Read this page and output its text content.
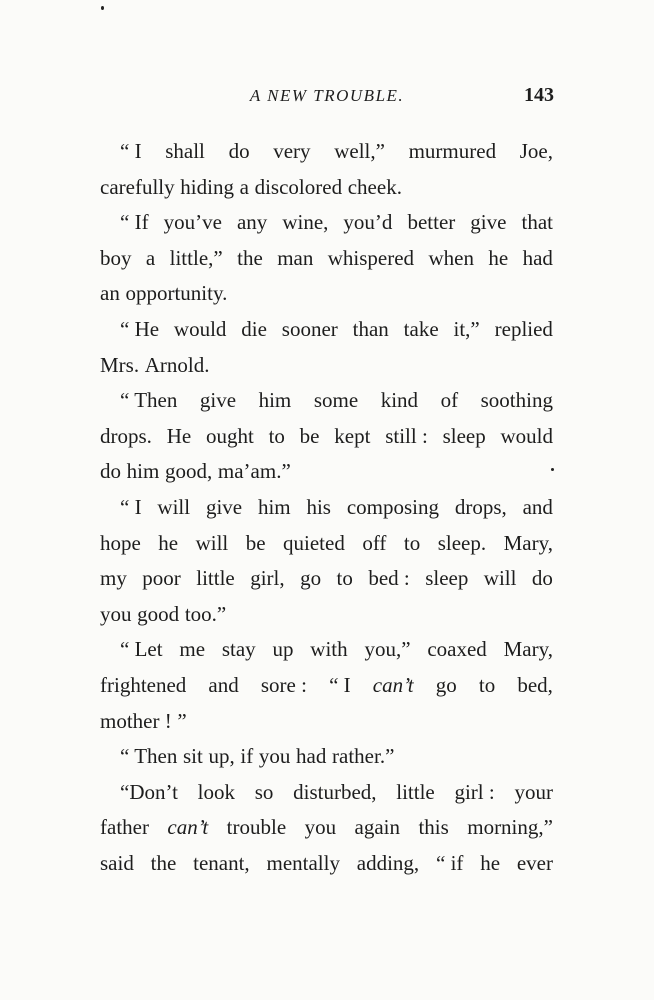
A NEW TROUBLE.	143
“ I shall do very well,” murmured Joe,
carefully hiding a discolored cheek.
“ If you’ve any wine, you’d better give that
boy a little,” the man whispered when he had
an opportunity.
“ He would die sooner than take it,” replied
Mrs. Arnold.
“ Then give him some kind of soothing
drops. He ought to be kept still : sleep would
do him good, ma’am.”
“ I will give him his composing drops, and
hope he will be quieted off to sleep. Mary,
my poor little girl, go to bed : sleep will do
you good too.”
“ Let me stay up with you,” coaxed Mary,
frightened and sore : “ I can’t go to bed,
mother ! ”
“ Then sit up, if you had rather.”
“Don’t look so disturbed, little girl : your
father can’t trouble you again this morning,”
said the tenant, mentally adding, “ if he ever
